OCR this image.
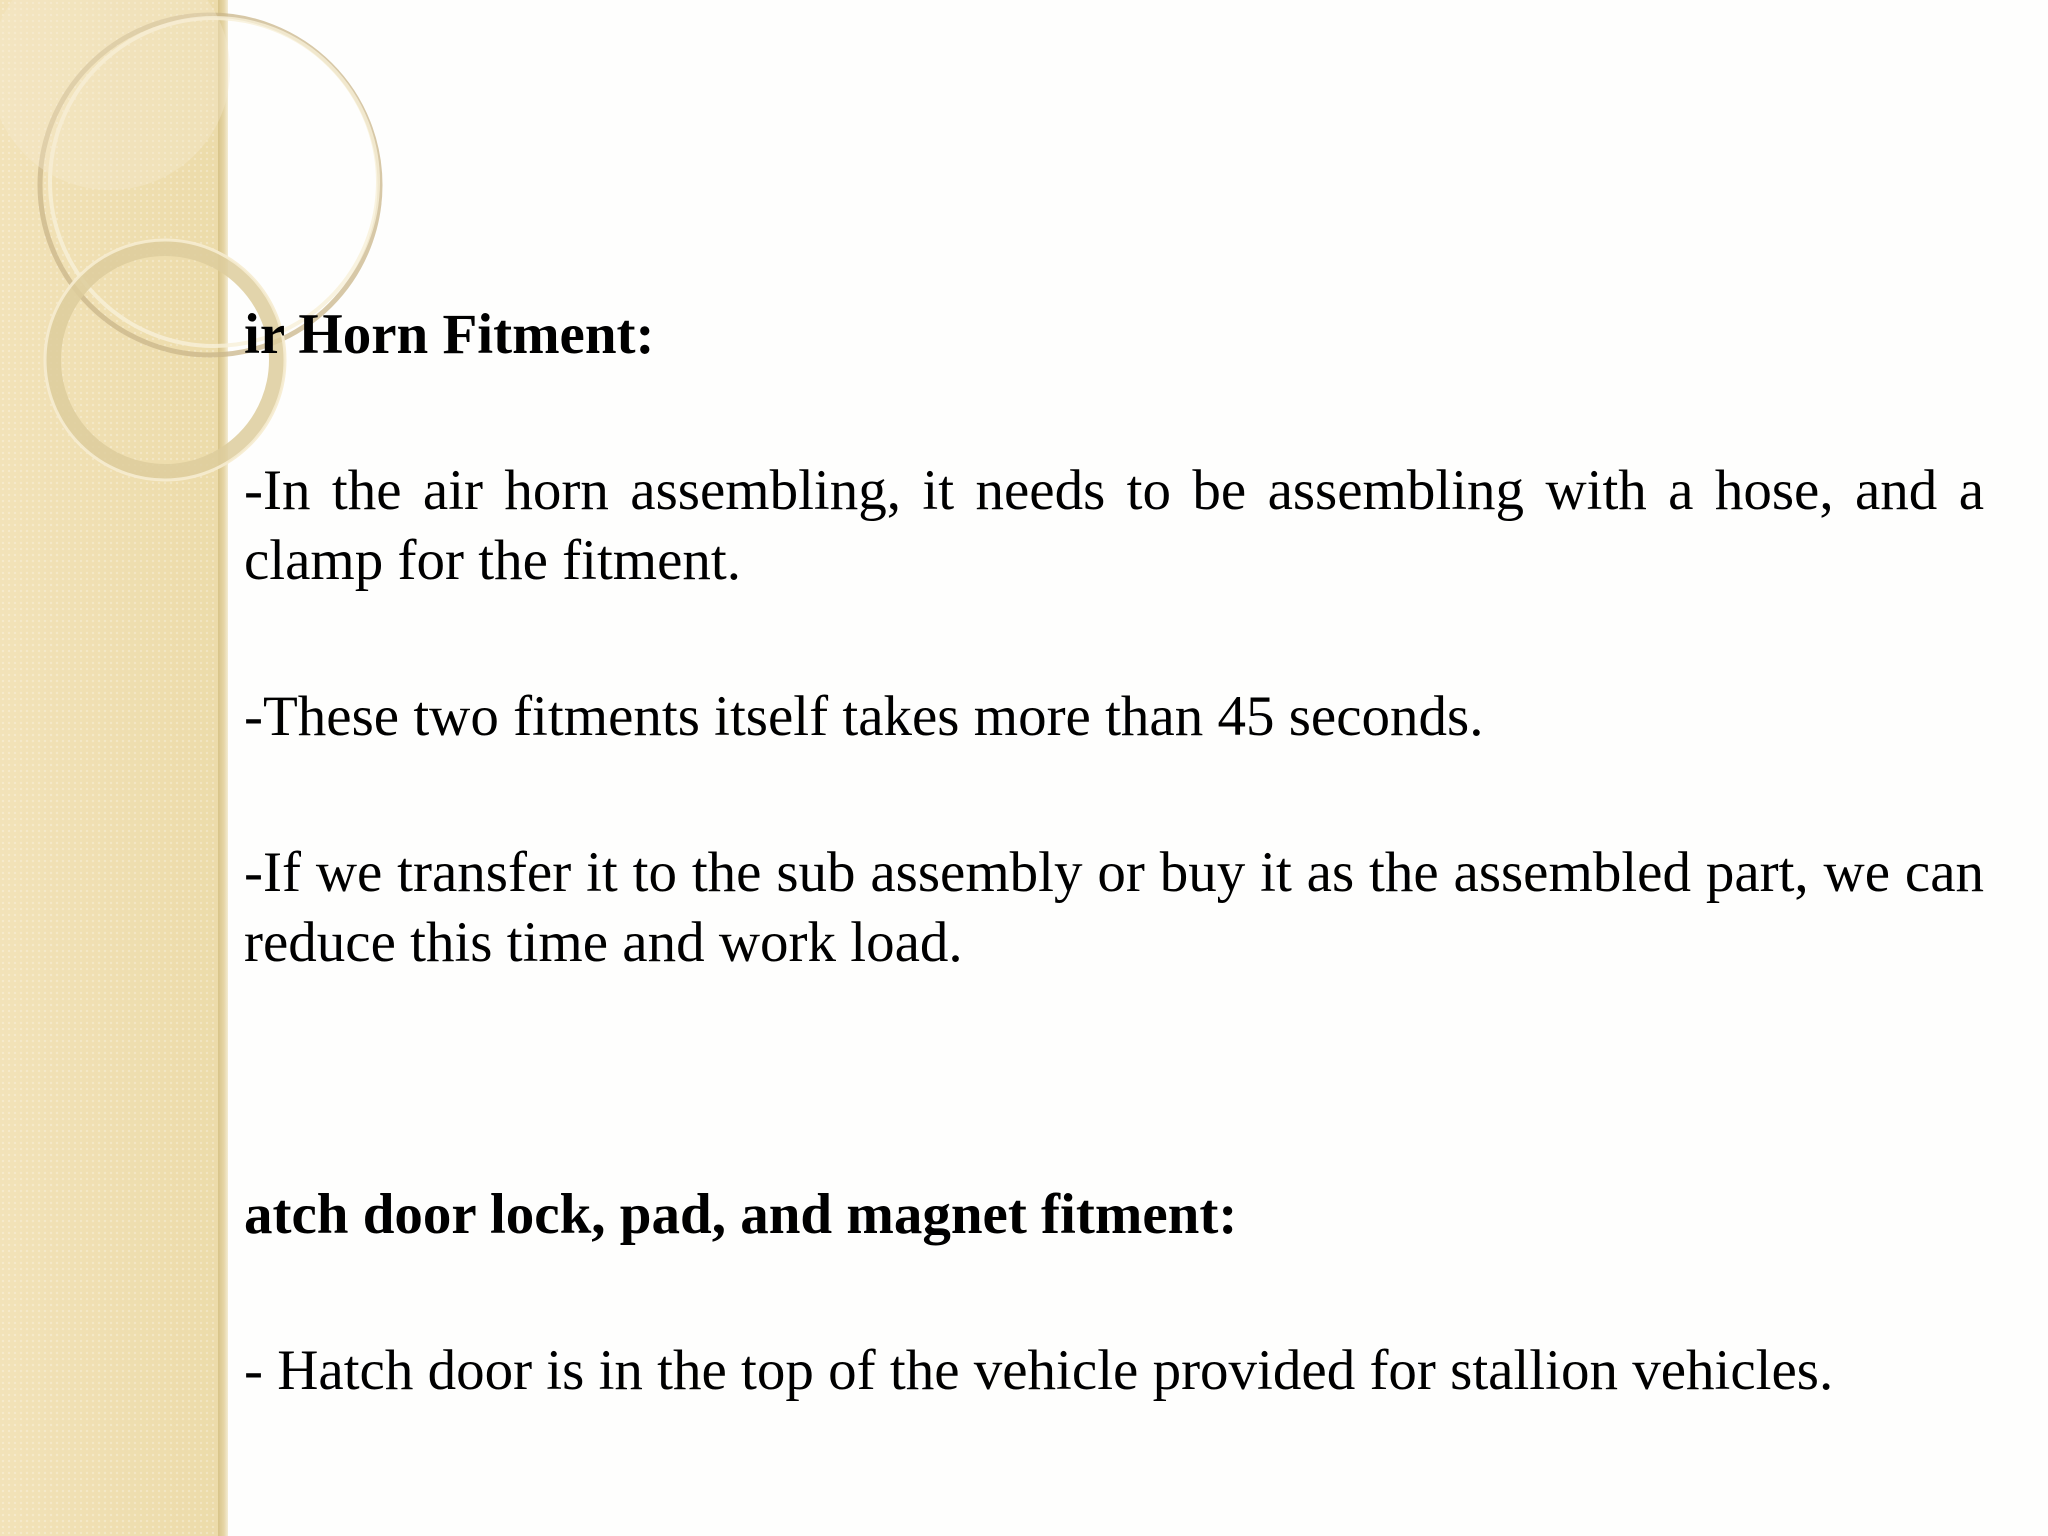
ir Horn Fitment:

-In the air horn assembling, it needs to be assembling with a hose, and a clamp for the fitment.

-These two fitments itself takes more than 45 seconds.

-If we transfer it to the sub assembly or buy it as the assembled part, we can reduce this time and work load.

atch door lock, pad, and magnet fitment:

- Hatch door is in the top of the vehicle provided for stallion vehicles.
